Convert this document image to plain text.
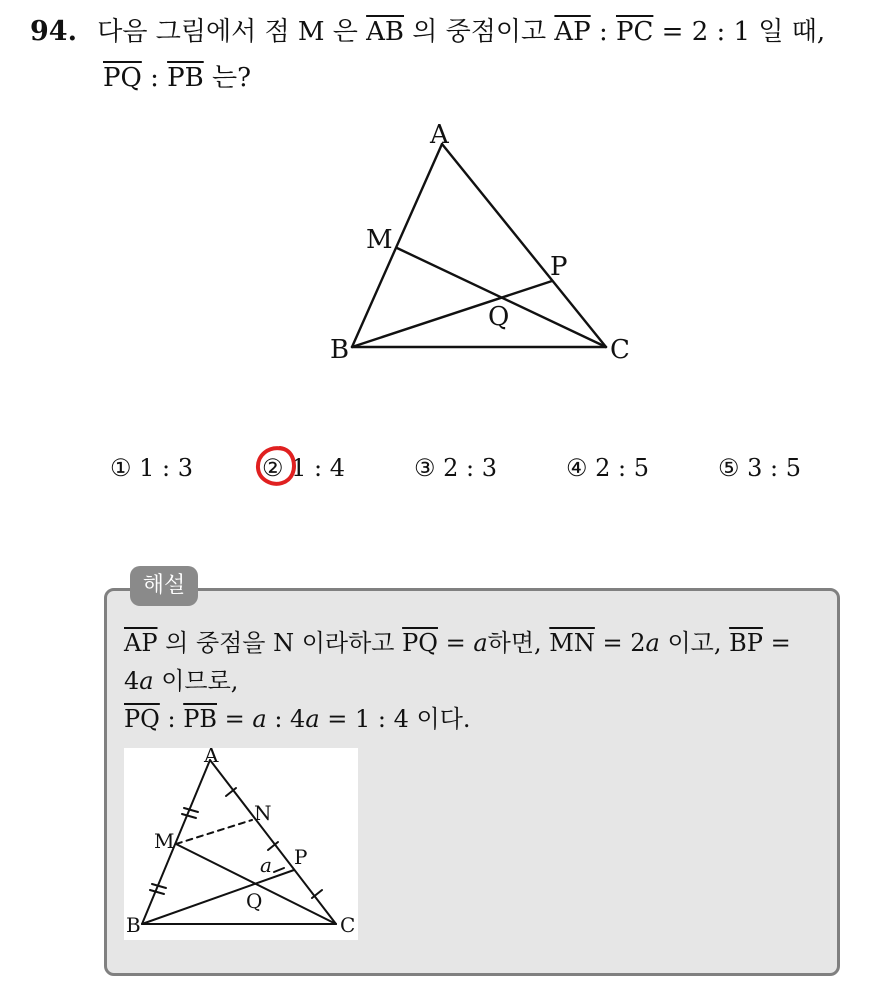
94. 다음 그림에서 점 M 은 $\overline{AB}$ 의 중점이고 $\overline{AP}$ : $\overline{PC} = 2$ : 1 일 때,
$\overline{PQ}$ : $\overline{PB}$ 는?
A
M
P
Q
B	C
① 1 : 3	② 1 : 4	③ 2 : 3	④ 2 : 5	⑤ 3 : 5
해설
$\overline{AP}$ 의 중점을 N 이라하고 $\overline{PQ} = a$하면, $\overline{MN} = 2a$ 이고, $\overline{BP}$ =
4a 이므로,
$\overline{PQ}$ : $\overline{PB} = a$ : 4a = 1 : 4 이다.
A
N
M
a P
Q
B	C
